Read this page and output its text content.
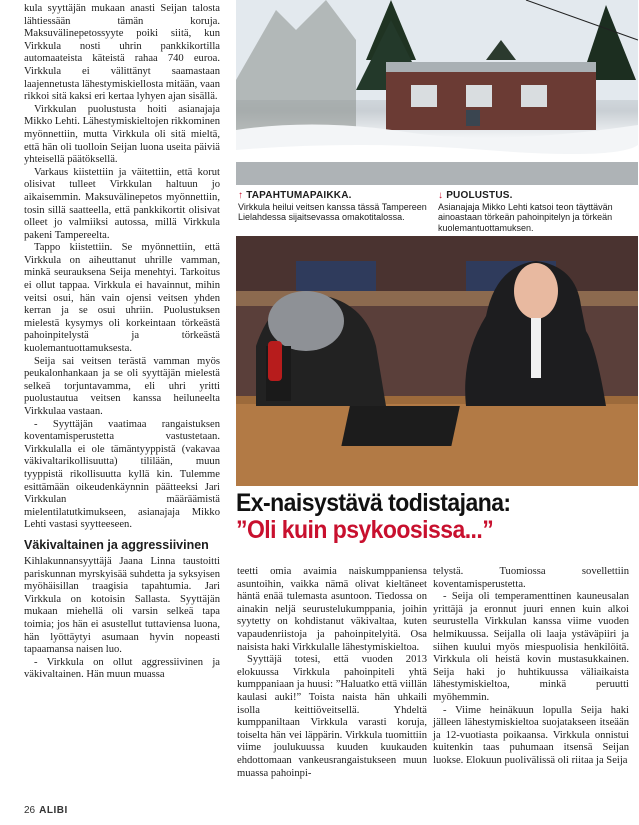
kula syyttäjän mukaan anasti Seijan talosta lähtiessään tämän koruja. Maksuvälinepetossyyte poiki siitä, kun Virkkula nosti uhrin pankkikortilla automaateista käteistä rahaa 740 euroa. Virkkula ei välittänyt saamastaan laajennetusta lähestymiskiellosta mitään, vaan rikkoi sitä kaksi eri kertaa lyhyen ajan sisällä.

Virkkulan puolustusta hoiti asianajaja Mikko Lehti. Lähestymiskieltojen rikkominen myönnettiin, mutta Virkkula oli sitä mieltä, että hän oli tuolloin Seijan luona useita päiviä yhteisellä päätöksellä.

Varkaus kiistettiin ja väitettiin, että korut olisivat tulleet Virkkulan haltuun jo aikaisemmin. Maksuvälinepetos myönnettiin, tosin sillä saatteella, että pankkikortit olisivat olleet jo valmiiksi autossa, millä Virkkula pakeni Tampereelta.

Tappo kiistettiin. Se myönnettiin, että Virkkula on aiheuttanut uhrille vamman, minkä seurauksena Seija menehtyi. Tarkoitus ei ollut tappaa. Virkkula ei havainnut, mihin veitsi osui, hän vain ojensi veitsen yhden kerran ja se osui uhriin. Puolustuksen mielestä kysymys oli korkeintaan törkeästä pahoinpitelystä ja törkeästä kuolemantuottamuksesta.

Seija sai veitsen terästä vamman myös peukalonhankaan ja se oli syyttäjän mielestä selkeä torjuntavamma, eli uhri yritti puolustautua veitsen kanssa heiluneelta Virkkulaa vastaan.

- Syyttäjän vaatimaa rangaistuksen koventamisperustetta vastustetaan. Virkkulalla ei ole tämäntyyppistä (vakavaa väkivaltarikollisuutta) tililään, muun tyyppistä rikollisuutta kyllä kin. Tulemme esittämään oikeudenkäynnin päätteeksi Jari Virkkulan määräämistä mielentilatutkimukseen, asianajaja Mikko Lehti vastasi syytteeseen.

Väkivaltainen ja aggressiivinen

Kihlakunnansyyttäjä Jaana Linna taustoitti pariskunnan myrskyisää suhdetta ja syksyisen myöhäisillan traagisia tapahtumia. Jari Virkkula on kotoisin Sallasta. Syyttäjän mukaan miehellä oli varsin selkeä tapa toimia; jos hän ei asustellut tuttaviensa luona, hän lyöttäytyi asumaan hyvin nopeasti tapaamansa naisen luo.

- Virkkula on ollut aggressiivinen ja väkivaltainen. Hän muun muassa

↑ TAPAHTUMAPAIKKA.
Virkkula heilui veitsen kanssa tässä Tampereen Lielahdessa sijaitsevassa omakotitalossa.
↓ PUOLUSTUS.
Asianajaja Mikko Lehti katsoi teon täyttävän ainoastaan törkeän pahoinpitelyn ja törkeän kuolemantuottamuksen.
Ex-naisystävä todistajana:
”Oli kuin psykoosissa...”

teetti omia avaimia naiskumppaniensa asuntoihin, vaikka nämä olivat kieltäneet häntä enää tulemasta asuntoon. Tiedossa on ainakin neljä seurustelukumppania, joihin syytetty on kohdistanut väkivaltaa, kuten vapaudenriistoja ja pahoinpitelyitä. Osa naisista haki Virkkulalle lähestymiskieltoa.

Syyttäjä totesi, että vuoden 2013 elokuussa Virkkula pahoinpiteli yhtä kumppaniaan ja huusi: ”Haluatko että viillän kaulasi auki!” Toista naista hän uhkaili isolla keittiöveitsellä. Yhdeltä kumppaniltaan Virkkula varasti koruja, toiselta hän vei läppärin. Virkkula tuomittiin viime joulukuussa kuuden kuukauden ehdottomaan vankeusrangaistukseen muun muassa pahoinpi-

telystä. Tuomiossa sovellettiin koventamisperustetta.

- Seija oli temperamenttinen kauneusalan yrittäjä ja eronnut juuri ennen kuin alkoi seurustella Virkkulan kanssa viime vuoden helmikuussa. Seijalla oli laaja ystäväpiiri ja siihen kuului myös miespuolisia henkilöitä. Virkkula oli heistä kovin mustasukkainen. Seija haki jo huhtikuussa väliaikaista lähestymiskieltoa, minkä peruutti myöhemmin.

- Viime heinäkuun lopulla Seija haki jälleen lähestymiskieltoa suojatakseen itseään ja 12-vuotiasta poikaansa. Virkkula onnistui kuitenkin taas puhumaan itsensä Seijan luokse. Elokuun puolivälissä oli riitaa ja Seija

26 ALIBI
